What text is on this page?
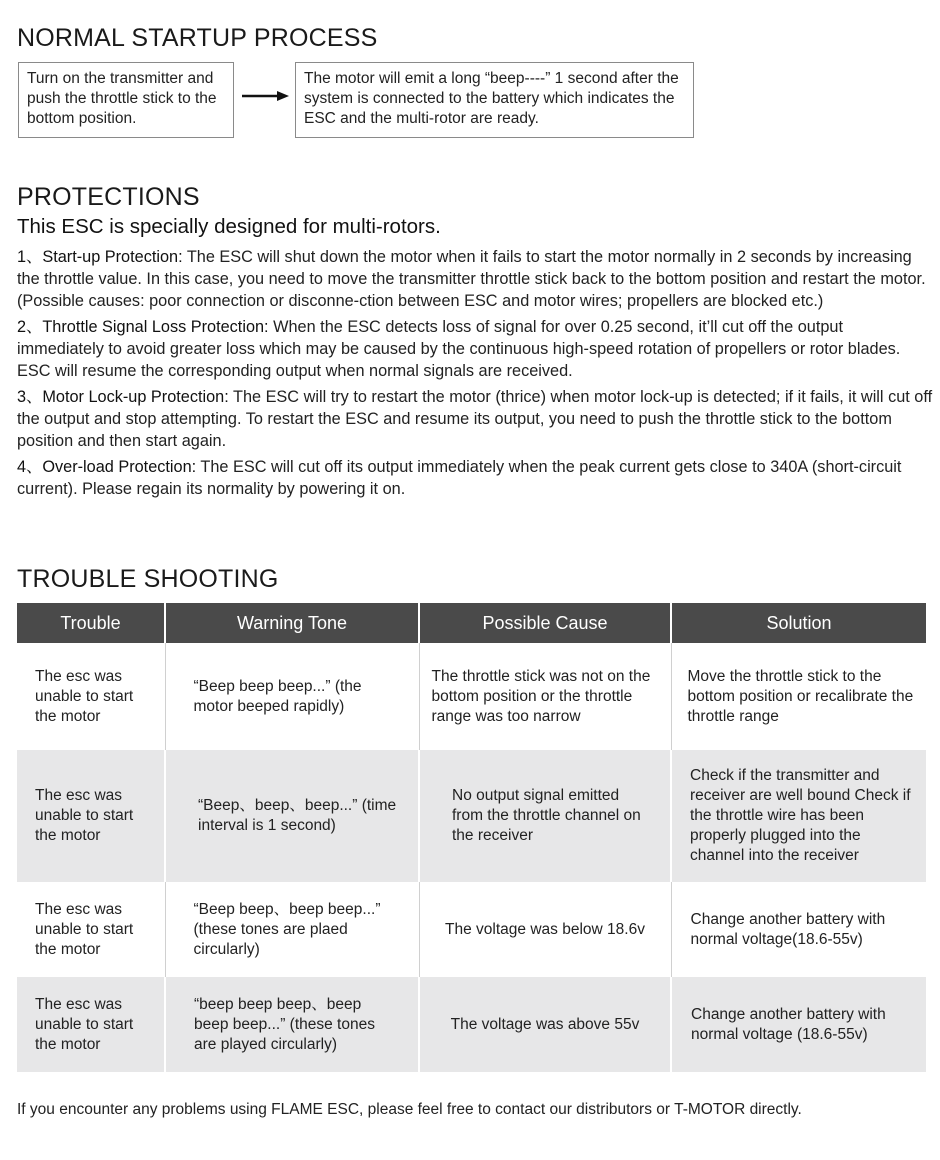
NORMAL STARTUP PROCESS
Turn on the transmitter and push the throttle stick to the bottom position.
The motor will emit a long “beep----” 1 second after the system is connected to the battery which indicates the ESC and the multi-rotor are ready.
PROTECTIONS
This ESC is specially designed for multi-rotors.
1、Start-up Protection: The ESC will shut down the motor when it fails to start the motor normally in 2 seconds by increasing the throttle value. In this case, you need to move the transmitter throttle stick back to the bottom position and restart the motor.(Possible causes: poor connection or disconne-ction between ESC and motor wires; propellers are blocked etc.)
2、Throttle Signal Loss Protection: When the ESC detects loss of signal for over 0.25 second, it’ll cut off the output immediately to avoid greater loss which may be caused by the continuous high-speed rotation of propellers or rotor blades. ESC will resume the corresponding output when normal signals are received.
3、Motor Lock-up Protection: The ESC will try to restart the motor (thrice) when motor lock-up is detected; if it fails, it will cut off the output and stop attempting. To restart the ESC and resume its output, you need to push the throttle stick to the bottom position and then start again.
4、Over-load Protection: The ESC will cut off its output immediately when the peak current gets close to 340A (short-circuit current). Please regain its normality by powering it on.
TROUBLE SHOOTING
Trouble	Warning Tone	Possible Cause	Solution
The esc was unable to start the motor	“Beep beep beep...” (the motor beeped rapidly)	The throttle stick was not on the bottom position or the throttle range was too narrow	Move the throttle stick to the bottom position or recalibrate the throttle range
The esc was unable to start the motor	“Beep、beep、beep...” (time interval is 1 second)	No output signal emitted from the throttle channel on the receiver	Check if the transmitter and receiver are well bound Check if the throttle wire has been properly plugged into the channel into the receiver
The esc was unable to start the motor	“Beep beep、beep beep...” (these tones are plaed circularly)	The voltage was below 18.6v	Change another battery with normal voltage(18.6-55v)
The esc was unable to start the motor	“beep beep beep、beep beep beep...” (these tones are played circularly)	The voltage was above 55v	Change another battery with normal voltage (18.6-55v)
If you encounter any problems using FLAME ESC, please feel free to contact our distributors or T-MOTOR directly.
